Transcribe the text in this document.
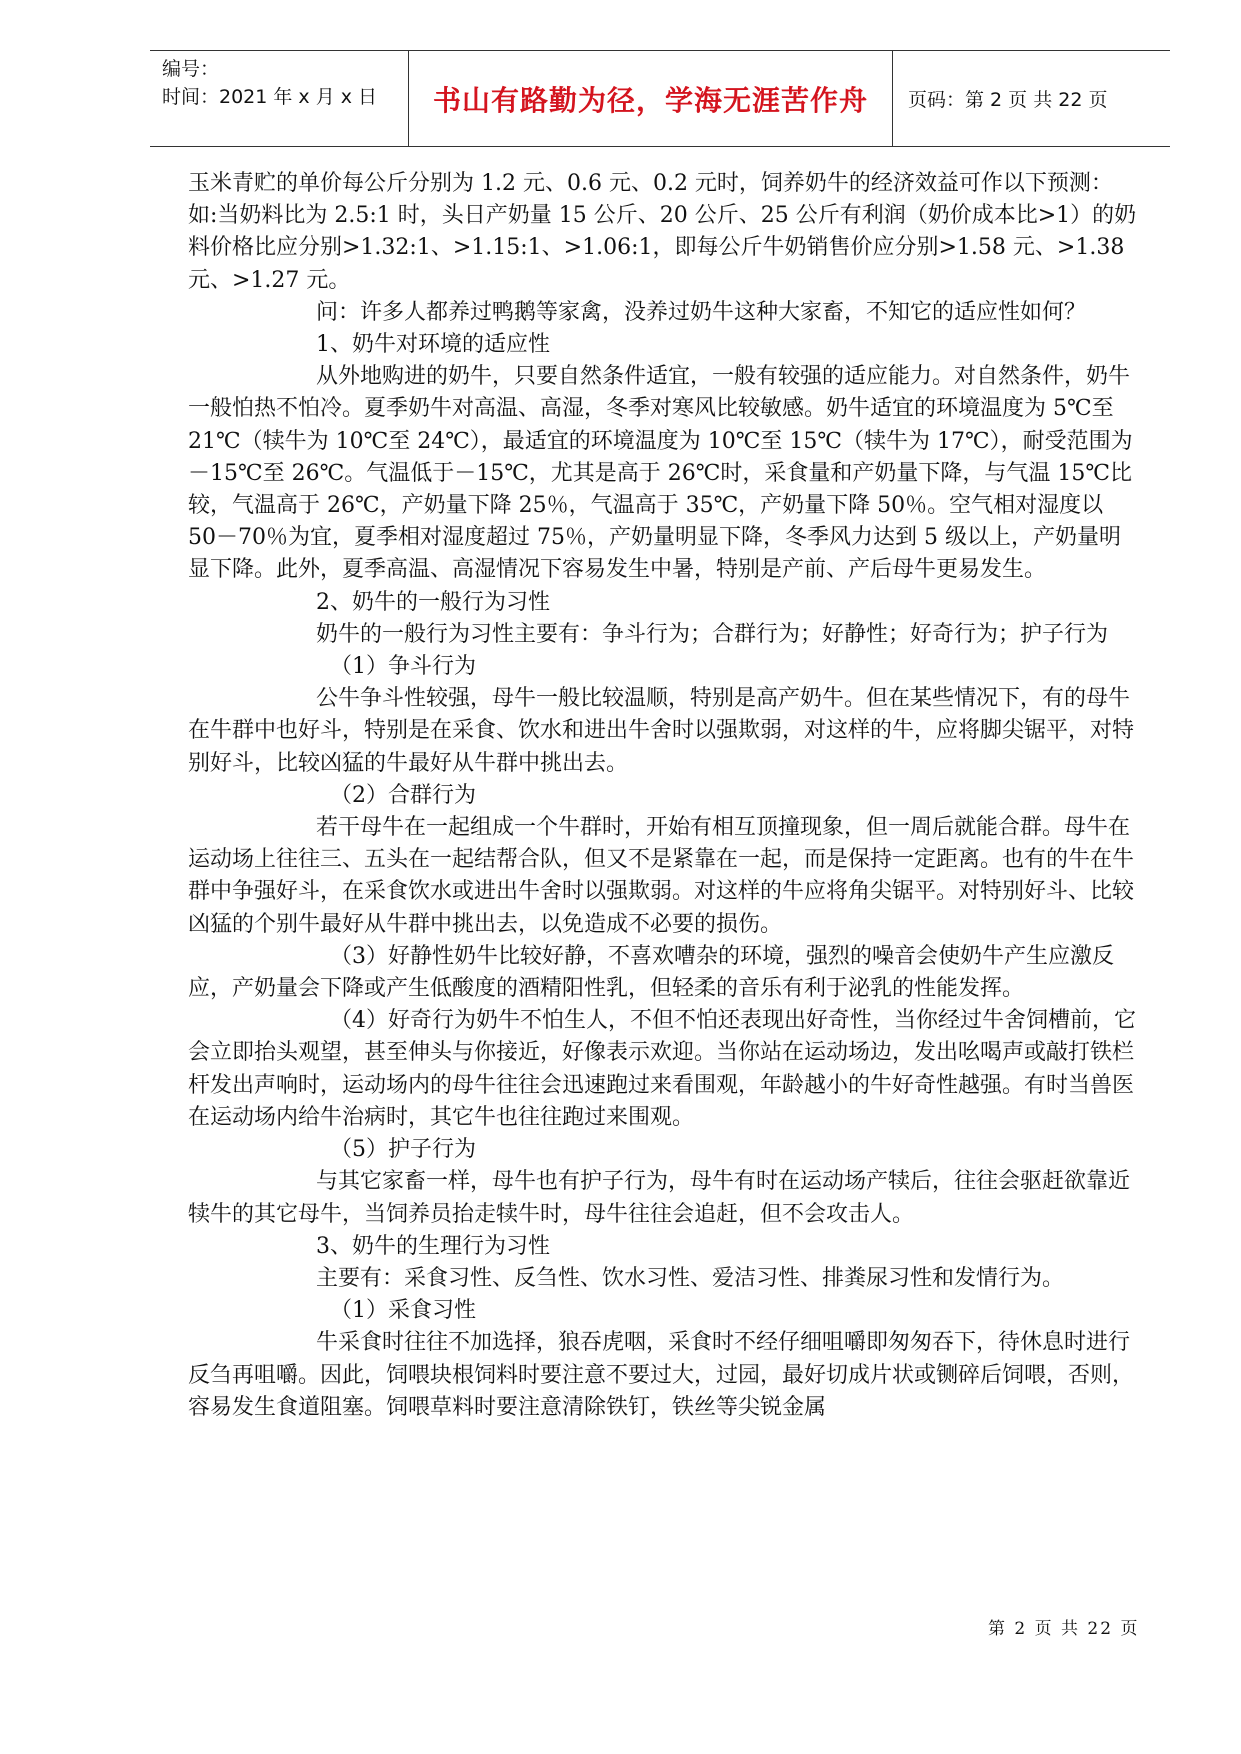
编号：
时间：2021 年 x 月 x 日	书山有路勤为径，学海无涯苦作舟	页码：第 2 页 共 22 页

玉米青贮的单价每公斤分别为 1.2 元、0.6 元、0.2 元时，饲养奶牛的经济效益可作以下预测：如:当奶料比为 2.5:1 时，头日产奶量 15 公斤、20 公斤、25 公斤有利润（奶价成本比>1）的奶料价格比应分别>1.32:1、>1.15:1、>1.06:1，即每公斤牛奶销售价应分别>1.58 元、>1.38 元、>1.27 元。

问：许多人都养过鸭鹅等家禽，没养过奶牛这种大家畜，不知它的适应性如何？

1、奶牛对环境的适应性

从外地购进的奶牛，只要自然条件适宜，一般有较强的适应能力。对自然条件，奶牛一般怕热不怕冷。夏季奶牛对高温、高湿，冬季对寒风比较敏感。奶牛适宜的环境温度为 5℃至 21℃（犊牛为 10℃至 24℃），最适宜的环境温度为 10℃至 15℃（犊牛为 17℃），耐受范围为－15℃至 26℃。气温低于－15℃，尤其是高于 26℃时，采食量和产奶量下降，与气温 15℃比较，气温高于 26℃，产奶量下降 25％，气温高于 35℃，产奶量下降 50％。空气相对湿度以 50－70％为宜，夏季相对湿度超过 75％，产奶量明显下降，冬季风力达到 5 级以上，产奶量明显下降。此外，夏季高温、高湿情况下容易发生中暑，特别是产前、产后母牛更易发生。

2、奶牛的一般行为习性

奶牛的一般行为习性主要有：争斗行为；合群行为；好静性；好奇行为；护子行为

（1）争斗行为

公牛争斗性较强，母牛一般比较温顺，特别是高产奶牛。但在某些情况下，有的母牛在牛群中也好斗，特别是在采食、饮水和进出牛舍时以强欺弱，对这样的牛，应将脚尖锯平，对特别好斗，比较凶猛的牛最好从牛群中挑出去。

（2）合群行为

若干母牛在一起组成一个牛群时，开始有相互顶撞现象，但一周后就能合群。母牛在运动场上往往三、五头在一起结帮合队，但又不是紧靠在一起，而是保持一定距离。也有的牛在牛群中争强好斗，在采食饮水或进出牛舍时以强欺弱。对这样的牛应将角尖锯平。对特别好斗、比较凶猛的个别牛最好从牛群中挑出去，以免造成不必要的损伤。

（3）好静性奶牛比较好静，不喜欢嘈杂的环境，强烈的噪音会使奶牛产生应激反应，产奶量会下降或产生低酸度的酒精阳性乳，但轻柔的音乐有利于泌乳的性能发挥。

（4）好奇行为奶牛不怕生人，不但不怕还表现出好奇性，当你经过牛舍饲槽前，它会立即抬头观望，甚至伸头与你接近，好像表示欢迎。当你站在运动场边，发出吆喝声或敲打铁栏杆发出声响时，运动场内的母牛往往会迅速跑过来看围观，年龄越小的牛好奇性越强。有时当兽医在运动场内给牛治病时，其它牛也往往跑过来围观。

（5）护子行为

与其它家畜一样，母牛也有护子行为，母牛有时在运动场产犊后，往往会驱赶欲靠近犊牛的其它母牛，当饲养员抬走犊牛时，母牛往往会追赶，但不会攻击人。

3、奶牛的生理行为习性

主要有：采食习性、反刍性、饮水习性、爱洁习性、排粪尿习性和发情行为。

（1）采食习性

牛采食时往往不加选择，狼吞虎咽，采食时不经仔细咀嚼即匆匆吞下，待休息时进行反刍再咀嚼。因此，饲喂块根饲料时要注意不要过大，过园，最好切成片状或铡碎后饲喂，否则，容易发生食道阻塞。饲喂草料时要注意清除铁钉，铁丝等尖锐金属

第 2 页 共 22 页
